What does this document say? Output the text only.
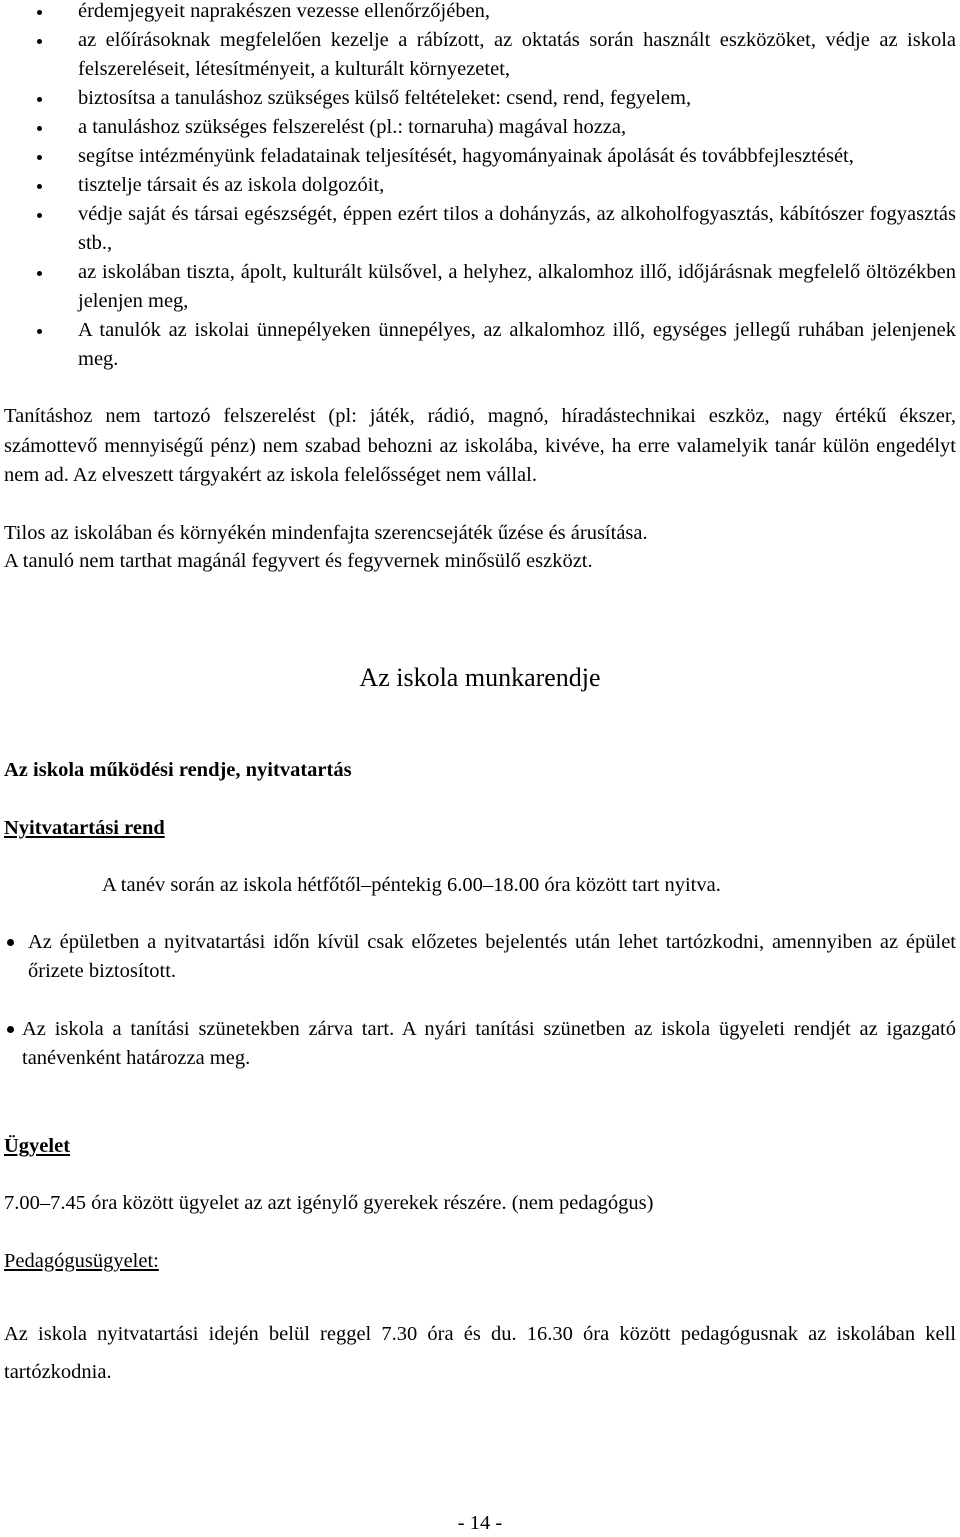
érdemjegyeit naprakészen vezesse ellenőrzőjében,
az előírásoknak megfelelően kezelje a rábízott, az oktatás során használt eszközöket, védje az iskola felszereléseit, létesítményeit, a kulturált környezetet,
biztosítsa a tanuláshoz szükséges külső feltételeket: csend, rend, fegyelem,
a tanuláshoz szükséges felszerelést (pl.: tornaruha) magával hozza,
segítse intézményünk feladatainak teljesítését, hagyományainak ápolását és továbbfejlesztését,
tisztelje társait és az iskola dolgozóit,
védje saját és társai egészségét, éppen ezért tilos a dohányzás, az alkoholfogyasztás, kábítószer fogyasztás stb.,
az iskolában tiszta, ápolt, kulturált külsővel, a helyhez, alkalomhoz illő, időjárásnak megfelelő öltözékben jelenjen meg,
A tanulók az iskolai ünnepélyeken ünnepélyes, az alkalomhoz illő, egységes jellegű ruhában jelenjenek meg.

Tanításhoz nem tartozó felszerelést (pl: játék, rádió, magnó, híradástechnikai eszköz, nagy értékű ékszer, számottevő mennyiségű pénz) nem szabad behozni az iskolába, kivéve, ha erre valamelyik tanár külön engedélyt nem ad. Az elveszett tárgyakért az iskola felelősséget nem vállal.

Tilos az iskolában és környékén mindenfajta szerencsejáték űzése és árusítása.

A tanuló nem tarthat magánál fegyvert és fegyvernek minősülő eszközt.

Az iskola munkarendje
Az iskola működési rendje, nyitvatartás
Nyitvatartási rend

A tanév során az iskola hétfőtől–péntekig 6.00–18.00 óra között tart nyitva.

Az épületben a nyitvatartási időn kívül csak előzetes bejelentés után lehet tartózkodni, amennyiben az épület őrizete biztosított.
Az iskola a tanítási szünetekben zárva tart. A nyári tanítási szünetben az iskola ügyeleti rendjét az igazgató tanévenként határozza meg.
Ügyelet

7.00–7.45 óra között ügyelet az azt igénylő gyerekek részére. (nem pedagógus)

Pedagógusügyelet:

Az iskola nyitvatartási idején belül reggel 7.30 óra és du. 16.30 óra között pedagógusnak az iskolában kell tartózkodnia.

- 14 -
